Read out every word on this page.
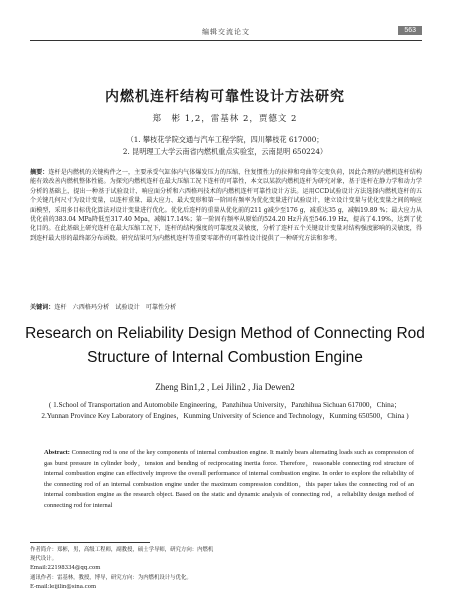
编辑交流论文	563
内燃机连杆结构可靠性设计方法研究
郑　彬 1,2，雷基林 2，贾德文 2
（1. 攀枝花学院交通与汽车工程学院，四川攀枝花 617000；
2. 昆明理工大学云南省内燃机重点实验室，云南昆明 650224）
摘要：连杆是内燃机的关键构件之一，主要承受气缸体内气体爆发压力的压缩、往复惯性力的拉伸和弯曲等交变负荷，因此合理的内燃机连杆结构能有效改善内燃机整体性能。为探究内燃机连杆在最大压缩工况下连杆的可靠性，本文以某款内燃机连杆为研究对象，基于连杆在静力学和动力学分析的基础上，提出一种基于试验设计、响应面分析和六西格玛技术的内燃机连杆可靠性设计方法。运用CCD试验设计方法选择内燃机连杆的五个关键几何尺寸为设计变量，以连杆重量、最大应力、最大变形和第一阶固有频率为优化变量进行试验设计，建立设计变量与优化变量之间的响应面模型，采用多目标优化算法对设计变量进行优化。优化后连杆的重量从优化前的211 g减少至176 g，减重达35 g，减幅19.89 %；最大应力从优化前的383.04 MPa降低至317.40 Mpa，减幅17.14%；第一阶固有频率从原始的524.20 Hz升高至546.19 Hz，提高了4.19%，达到了优化目的。在此基础上研究连杆在最大压缩工况下，连杆的结构强度的可靠度及灵敏度，分析了连杆五个关键设计变量对结构强度影响的灵敏度，得到连杆最大形的最终部分布函数。研究结果可为内燃机连杆等重要零部件的可靠性设计提供了一种研究方法和参考。
关键词：连杆　六西格玛分析　试验设计　可靠性分析
Research on Reliability Design Method of Connecting Rod
Structure of Internal Combustion Engine
Zheng Bin1,2 , Lei Jilin2 , Jia Dewen2
( 1.School of Transportation and Automobile Engineering，Panzhihua University，Panzhihua Sichuan 617000，China；2.Yunnan Province Key Laboratory of Engines，Kunming University of Science and Technology，Kunming 650500，China )
Abstract: Connecting rod is one of the key components of internal combustion engine. It mainly bears alternating loads such as compression of gas burst pressure in cylinder body，tension and bending of reciprocating inertia force. Therefore，reasonable connecting rod structure of internal combustion engine can effectively improve the overall performance of internal combustion engine. In order to explore the reliability of the connecting rod of an internal combustion engine under the maximum compression condition，this paper takes the connecting rod of an internal combustion engine as the research object. Based on the static and dynamic analysis of connecting rod，a reliability design method of connecting rod for internal
作者简介：郑彬，男，高级工程师，副教授，硕士学导师，研究方向：内燃机
现代设计。
Email:22198334@qq.com
通讯作者：雷基林，教授，博导，研究方向：为内燃机设计与优化。
E-mail:leijilin@sina.com
